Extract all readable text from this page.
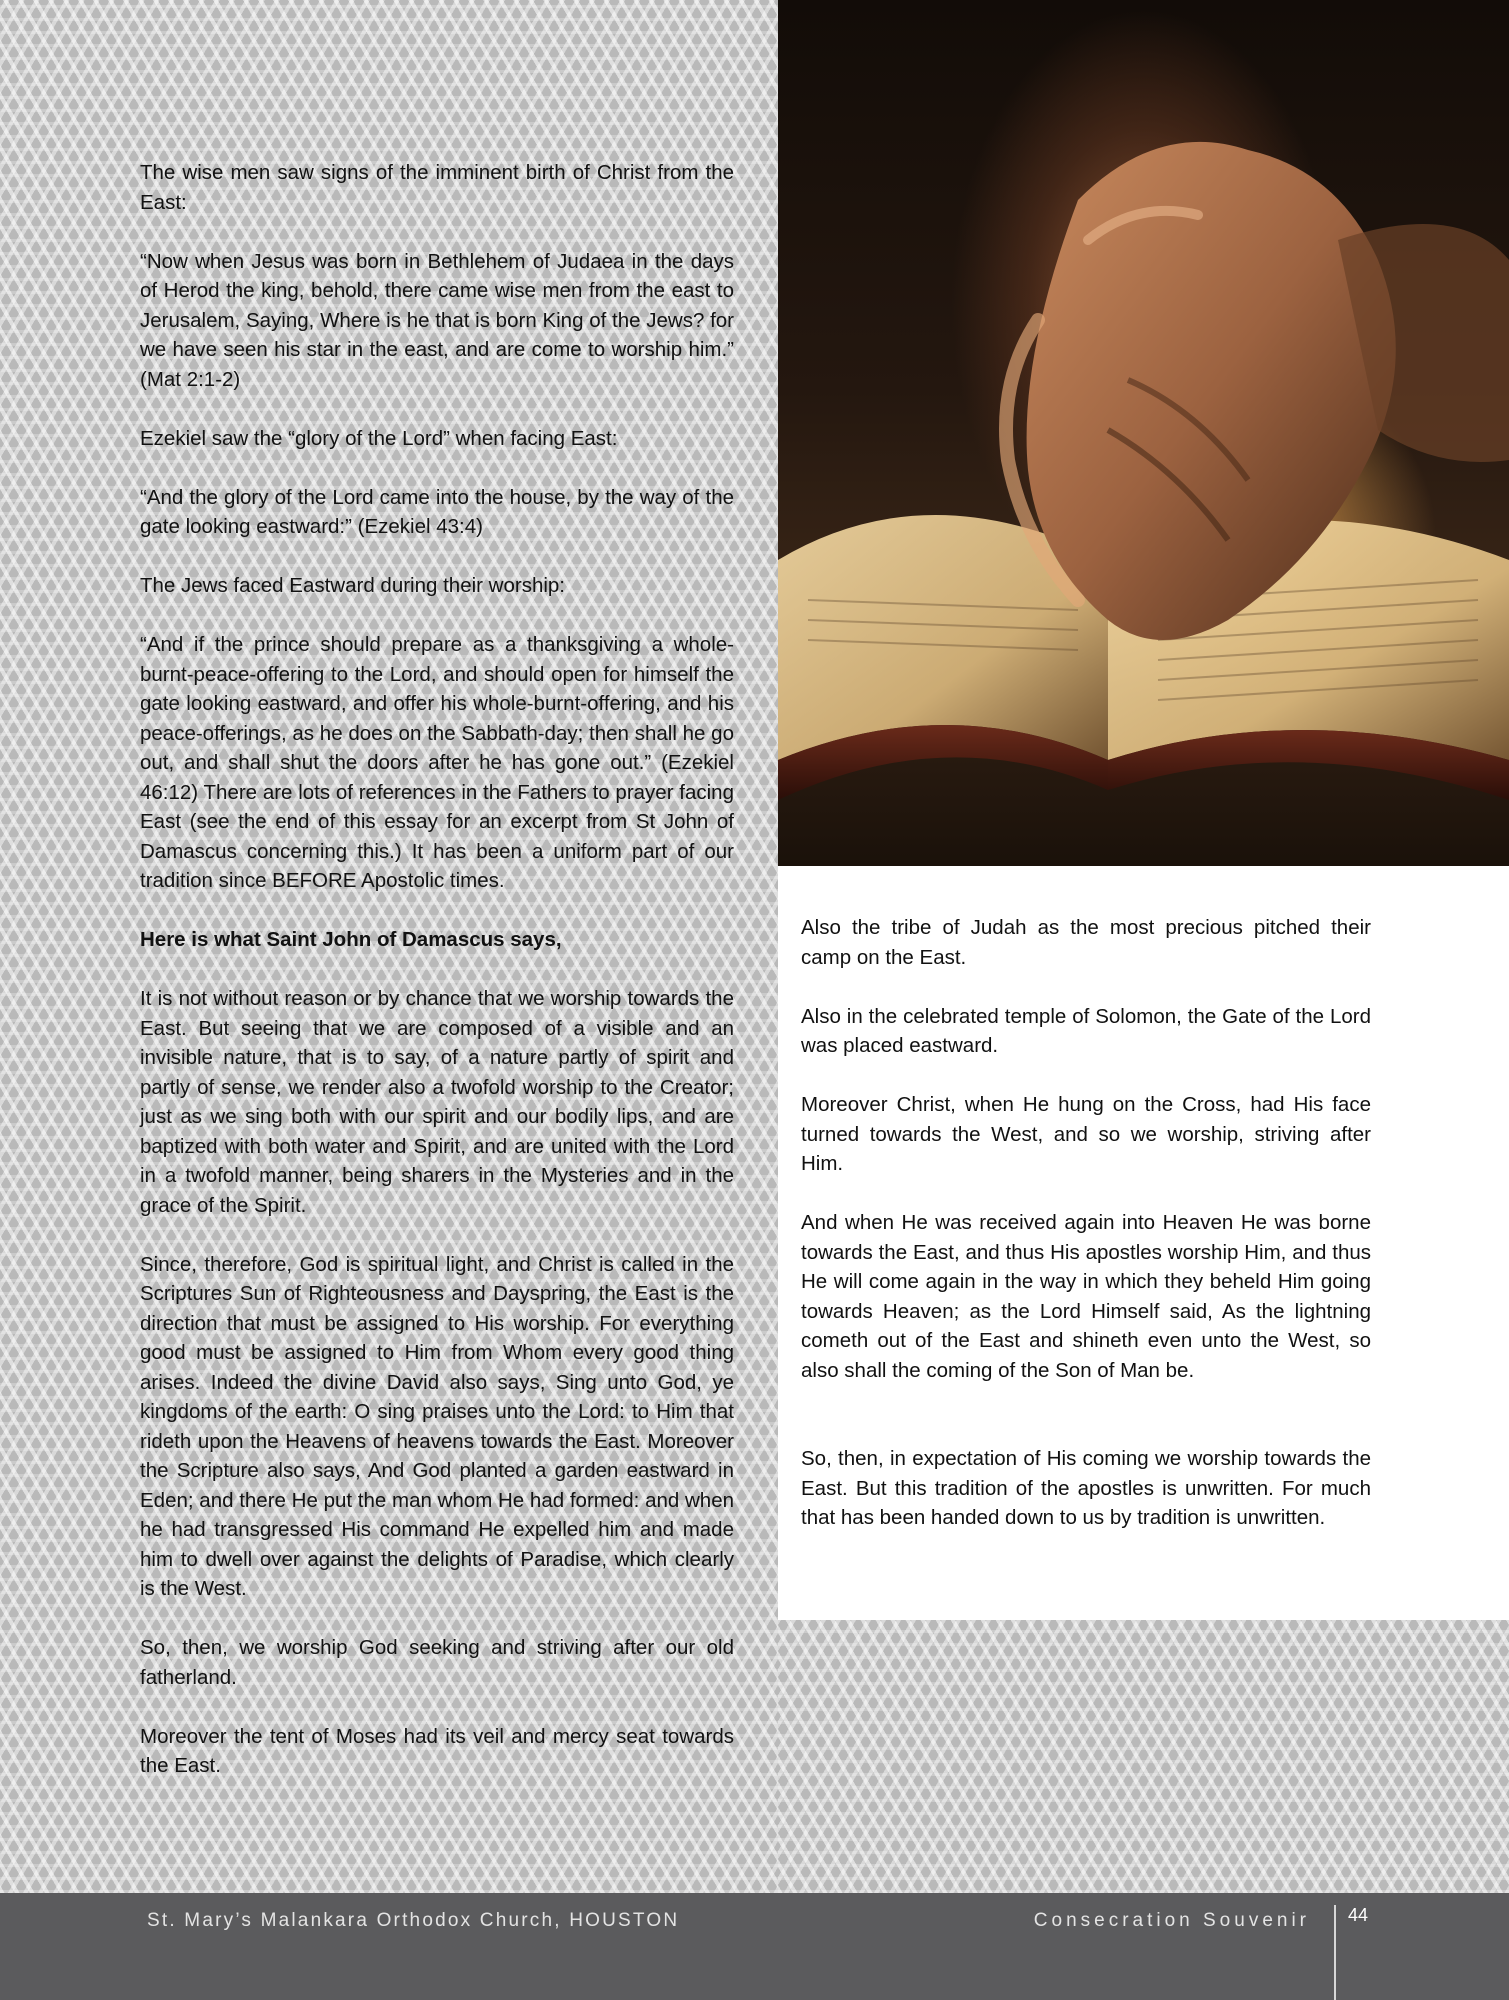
The wise men saw signs of the imminent birth of Christ from the East:

“Now when Jesus was born in Bethlehem of Judaea in the days of Herod the king, behold, there came wise men from the east to Jerusalem, Saying, Where is he that is born King of the Jews? for we have seen his star in the east, and are come to worship him.” (Mat 2:1-2)

Ezekiel saw the “glory of the Lord” when facing East:

“And the glory of the Lord came into the house, by the way of the gate looking eastward:” (Ezekiel 43:4)

The Jews faced Eastward during their worship:

“And if the prince should prepare as a thanksgiving a whole-burnt-peace-offering to the Lord, and should open for himself the gate looking eastward, and offer his whole-burnt-offering, and his peace-offerings, as he does on the Sabbath-day; then shall he go out, and shall shut the doors after he has gone out.” (Ezekiel 46:12) There are lots of references in the Fathers to prayer facing East (see the end of this essay for an excerpt from St John of Damascus concerning this.) It has been a uniform part of our tradition since BEFORE Apostolic times.

Here is what Saint John of Damascus says,

It is not without reason or by chance that we worship towards the East. But seeing that we are composed of a visible and an invisible nature, that is to say, of a nature partly of spirit and partly of sense, we render also a twofold worship to the Creator; just as we sing both with our spirit and our bodily lips, and are baptized with both water and Spirit, and are united with the Lord in a twofold manner, being sharers in the Mysteries and in the grace of the Spirit.

Since, therefore, God is spiritual light, and Christ is called in the Scriptures Sun of Righteousness and Dayspring, the East is the direction that must be assigned to His worship. For everything good must be assigned to Him from Whom every good thing arises. Indeed the divine David also says, Sing unto God, ye kingdoms of the earth: O sing praises unto the Lord: to Him that rideth upon the Heavens of heavens towards the East. Moreover the Scripture also says, And God planted a garden eastward in Eden; and there He put the man whom He had formed: and when he had transgressed His command He expelled him and made him to dwell over against the delights of Paradise, which clearly is the West.

So, then, we worship God seeking and striving after our old fatherland.

Moreover the tent of Moses had its veil and mercy seat towards the East.

Also the tribe of Judah as the most precious pitched their camp on the East.

Also in the celebrated temple of Solomon, the Gate of the Lord was placed eastward.

Moreover Christ, when He hung on the Cross, had His face turned towards the West, and so we worship, striving after Him.

And when He was received again into Heaven He was borne towards the East, and thus His apostles worship Him, and thus He will come again in the way in which they beheld Him going towards Heaven; as the Lord Himself said, As the lightning cometh out of the East and shineth even unto the West, so also shall the coming of the Son of Man be.

So, then, in expectation of His coming we worship towards the East. But this tradition of the apostles is unwritten. For much that has been handed down to us by tradition is unwritten.

St. Mary’s Malankara Orthodox Church, HOUSTON	Consecration Souvenir 44
